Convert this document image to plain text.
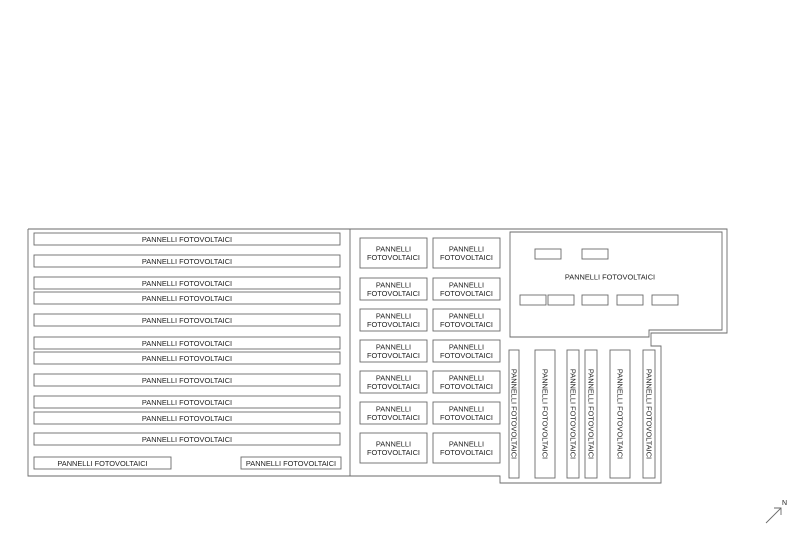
PANNELLI FOTOVOLTAICI
PANNELLI FOTOVOLTAICI
PANNELLI FOTOVOLTAICI
PANNELLI FOTOVOLTAICI
PANNELLI FOTOVOLTAICI
PANNELLI FOTOVOLTAICI
PANNELLI FOTOVOLTAICI
PANNELLI FOTOVOLTAICI
PANNELLI FOTOVOLTAICI
PANNELLI FOTOVOLTAICI
PANNELLI FOTOVOLTAICI
PANNELLI FOTOVOLTAICI	PANNELLI FOTOVOLTAICI
PANNELLI
FOTOVOLTAICI
PANNELLI
FOTOVOLTAICI
PANNELLI
FOTOVOLTAICI
PANNELLI
FOTOVOLTAICI
PANNELLI
FOTOVOLTAICI
PANNELLI
FOTOVOLTAICI
PANNELLI
FOTOVOLTAICI
PANNELLI
FOTOVOLTAICI
PANNELLI
FOTOVOLTAICI
PANNELLI
FOTOVOLTAICI
PANNELLI
FOTOVOLTAICI
PANNELLI
FOTOVOLTAICI
PANNELLI
FOTOVOLTAICI
PANNELLI
FOTOVOLTAICI
PANNELLI FOTOVOLTAICI
PANNELLI FOTOVOLTAICI	PANNELLI FOTOVOLTAICI	PANNELLI FOTOVOLTAICI PANNELLI FOTOVOLTAICI	PANNELLI FOTOVOLTAICI	PANNELLI FOTOVOLTAICI
N
